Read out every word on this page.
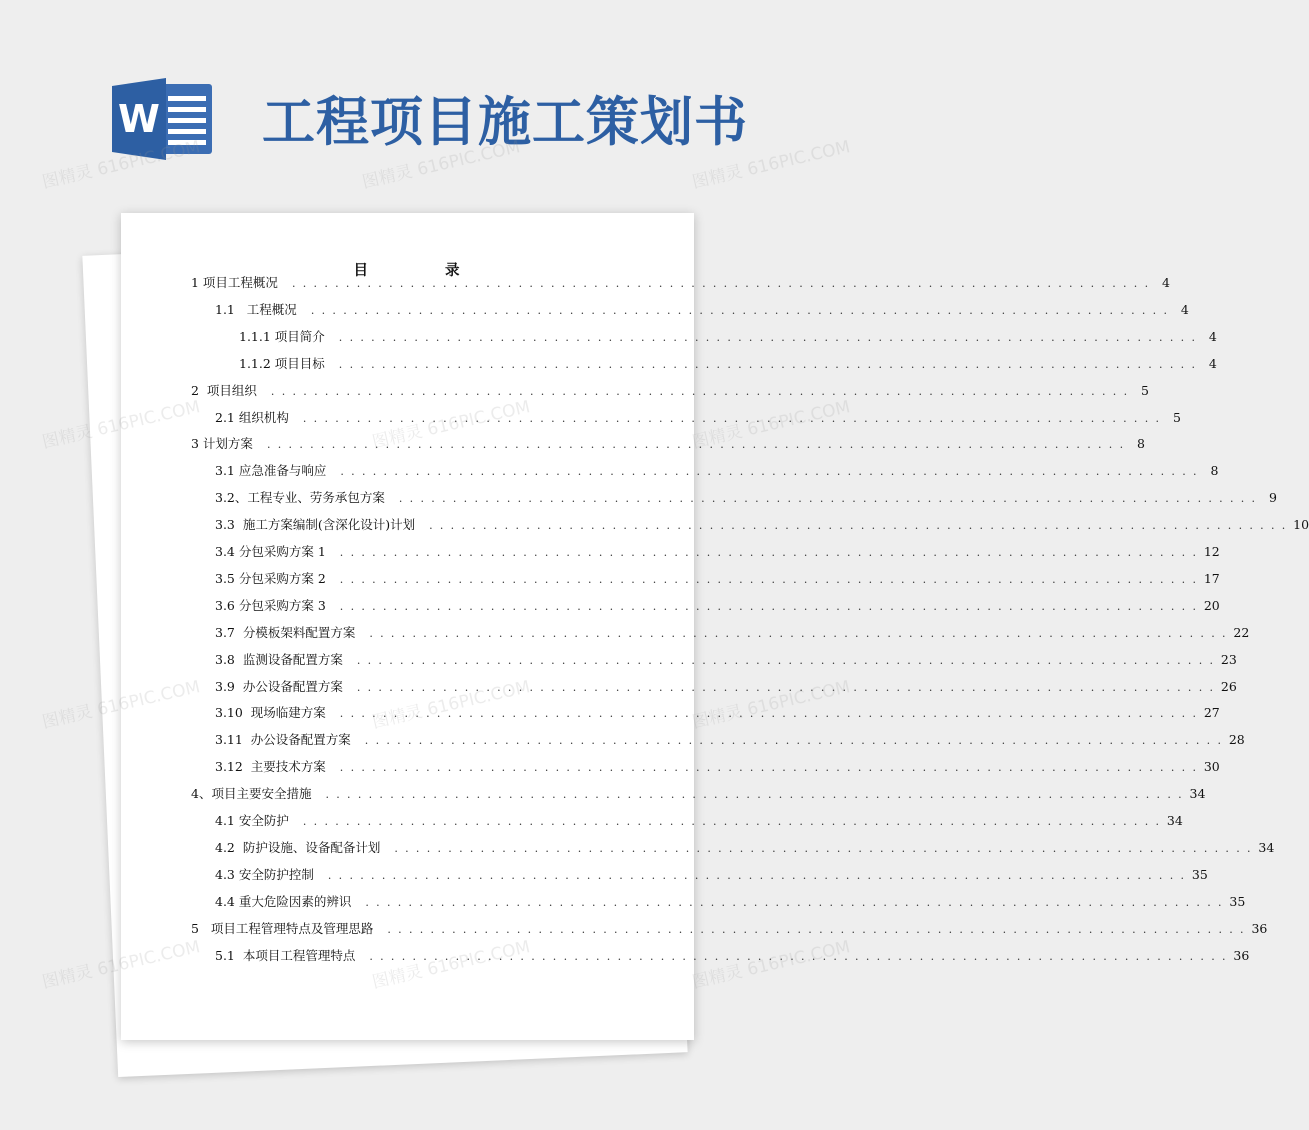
W 工程项目施工策划书
目 录
1 项目工程概况 . . . . . . . . . . . . . . . . . . . . . . . . . . . . . . . . . . . . . . . . . . . . . . . . . . . . . . . . . . . . . . . . . . . . . . . . . . . . . . . . 4
1.1   工程概况 . . . . . . . . . . . . . . . . . . . . . . . . . . . . . . . . . . . . . . . . . . . . . . . . . . . . . . . . . . . . . . . . . . . . . . . . . . . . . . . . 4
1.1.1 项目简介 . . . . . . . . . . . . . . . . . . . . . . . . . . . . . . . . . . . . . . . . . . . . . . . . . . . . . . . . . . . . . . . . . . . . . . . . . . . . . . . . 4
1.1.2 项目目标 . . . . . . . . . . . . . . . . . . . . . . . . . . . . . . . . . . . . . . . . . . . . . . . . . . . . . . . . . . . . . . . . . . . . . . . . . . . . . . . . 4
2  项目组织 . . . . . . . . . . . . . . . . . . . . . . . . . . . . . . . . . . . . . . . . . . . . . . . . . . . . . . . . . . . . . . . . . . . . . . . . . . . . . . . . 5
2.1 组织机构 . . . . . . . . . . . . . . . . . . . . . . . . . . . . . . . . . . . . . . . . . . . . . . . . . . . . . . . . . . . . . . . . . . . . . . . . . . . . . . . . 5
3 计划方案 . . . . . . . . . . . . . . . . . . . . . . . . . . . . . . . . . . . . . . . . . . . . . . . . . . . . . . . . . . . . . . . . . . . . . . . . . . . . . . . . 8
3.1 应急准备与响应 . . . . . . . . . . . . . . . . . . . . . . . . . . . . . . . . . . . . . . . . . . . . . . . . . . . . . . . . . . . . . . . . . . . . . . . . . . . . . . . . 8
3.2、工程专业、劳务承包方案 . . . . . . . . . . . . . . . . . . . . . . . . . . . . . . . . . . . . . . . . . . . . . . . . . . . . . . . . . . . . . . . . . . . . . . . . . . . . . . . . 9
3.3  施工方案编制(含深化设计)计划 . . . . . . . . . . . . . . . . . . . . . . . . . . . . . . . . . . . . . . . . . . . . . . . . . . . . . . . . . . . . . . . . . . . . . . . . . . . . . . . . 10
3.4 分包采购方案 1 . . . . . . . . . . . . . . . . . . . . . . . . . . . . . . . . . . . . . . . . . . . . . . . . . . . . . . . . . . . . . . . . . . . . . . . . . . . . . . . . 12
3.5 分包采购方案 2 . . . . . . . . . . . . . . . . . . . . . . . . . . . . . . . . . . . . . . . . . . . . . . . . . . . . . . . . . . . . . . . . . . . . . . . . . . . . . . . . 17
3.6 分包采购方案 3 . . . . . . . . . . . . . . . . . . . . . . . . . . . . . . . . . . . . . . . . . . . . . . . . . . . . . . . . . . . . . . . . . . . . . . . . . . . . . . . . 20
3.7  分模板架料配置方案 . . . . . . . . . . . . . . . . . . . . . . . . . . . . . . . . . . . . . . . . . . . . . . . . . . . . . . . . . . . . . . . . . . . . . . . . . . . . . . . . 22
3.8  监测设备配置方案 . . . . . . . . . . . . . . . . . . . . . . . . . . . . . . . . . . . . . . . . . . . . . . . . . . . . . . . . . . . . . . . . . . . . . . . . . . . . . . . . 23
3.9  办公设备配置方案 . . . . . . . . . . . . . . . . . . . . . . . . . . . . . . . . . . . . . . . . . . . . . . . . . . . . . . . . . . . . . . . . . . . . . . . . . . . . . . . . 26
3.10  现场临建方案 . . . . . . . . . . . . . . . . . . . . . . . . . . . . . . . . . . . . . . . . . . . . . . . . . . . . . . . . . . . . . . . . . . . . . . . . . . . . . . . . 27
3.11  办公设备配置方案 . . . . . . . . . . . . . . . . . . . . . . . . . . . . . . . . . . . . . . . . . . . . . . . . . . . . . . . . . . . . . . . . . . . . . . . . . . . . . . . . 28
3.12  主要技术方案 . . . . . . . . . . . . . . . . . . . . . . . . . . . . . . . . . . . . . . . . . . . . . . . . . . . . . . . . . . . . . . . . . . . . . . . . . . . . . . . . 30
4、项目主要安全措施 . . . . . . . . . . . . . . . . . . . . . . . . . . . . . . . . . . . . . . . . . . . . . . . . . . . . . . . . . . . . . . . . . . . . . . . . . . . . . . . . 34
4.1 安全防护 . . . . . . . . . . . . . . . . . . . . . . . . . . . . . . . . . . . . . . . . . . . . . . . . . . . . . . . . . . . . . . . . . . . . . . . . . . . . . . . . 34
4.2  防护设施、设备配备计划 . . . . . . . . . . . . . . . . . . . . . . . . . . . . . . . . . . . . . . . . . . . . . . . . . . . . . . . . . . . . . . . . . . . . . . . . . . . . . . . . 34
4.3 安全防护控制 . . . . . . . . . . . . . . . . . . . . . . . . . . . . . . . . . . . . . . . . . . . . . . . . . . . . . . . . . . . . . . . . . . . . . . . . . . . . . . . . 35
4.4 重大危险因素的辨识 . . . . . . . . . . . . . . . . . . . . . . . . . . . . . . . . . . . . . . . . . . . . . . . . . . . . . . . . . . . . . . . . . . . . . . . . . . . . . . . . 35
5   项目工程管理特点及管理思路 . . . . . . . . . . . . . . . . . . . . . . . . . . . . . . . . . . . . . . . . . . . . . . . . . . . . . . . . . . . . . . . . . . . . . . . . . . . . . . . . 36
5.1  本项目工程管理特点 . . . . . . . . . . . . . . . . . . . . . . . . . . . . . . . . . . . . . . . . . . . . . . . . . . . . . . . . . . . . . . . . . . . . . . . . . . . . . . . . 36
图精灵 616PIC.COM	图精灵 616PIC.COM	图精灵 616PIC.COM
图精灵	图精灵 616PIC.COM
图精灵	图精灵 616PIC.COM
图精灵	图精灵 616PIC.COM
